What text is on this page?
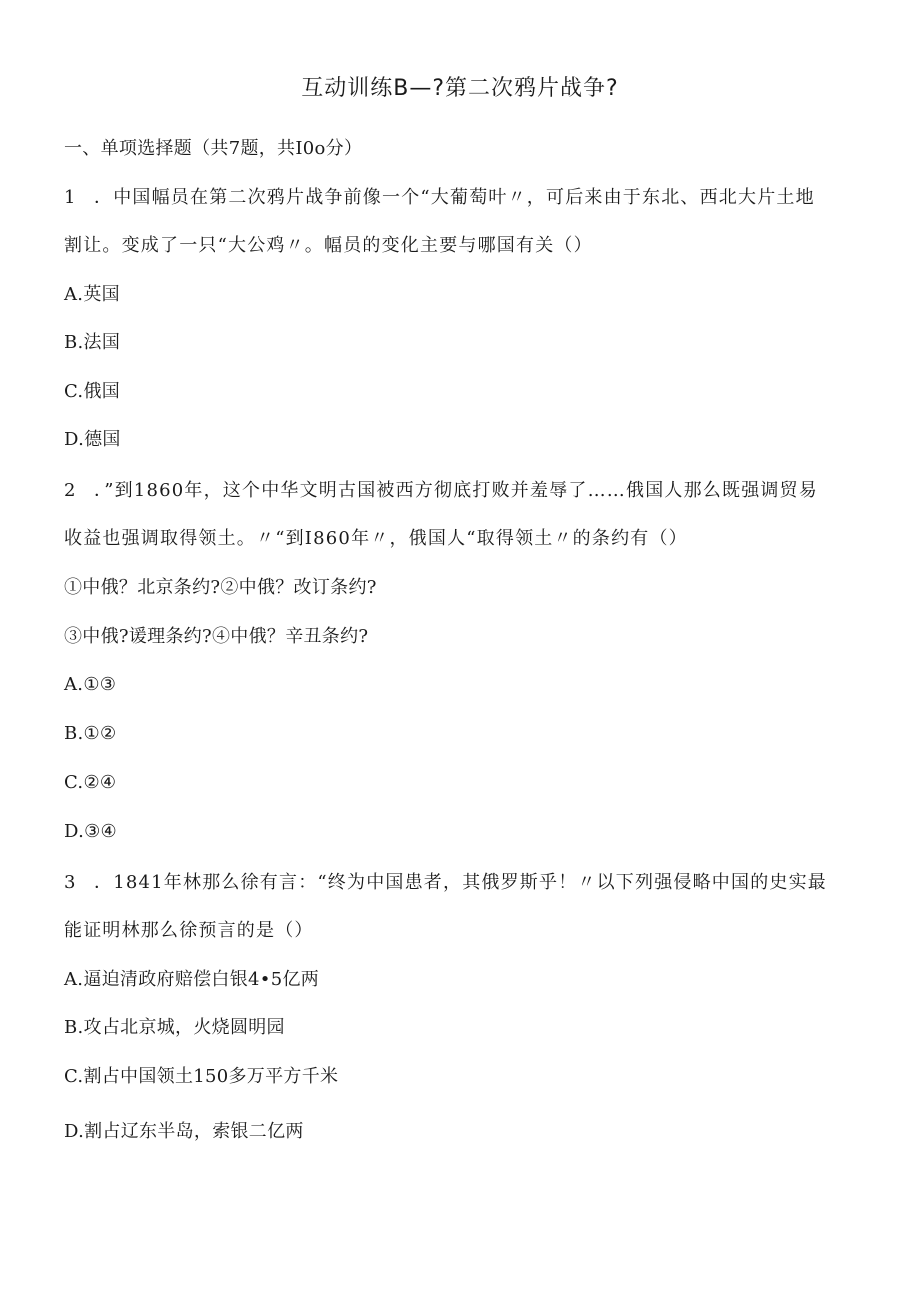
互动训练B—?第二次鸦片战争?
一、单项选择题（共7题，共I0o分）
1 ．中国幅员在第二次鸦片战争前像一个“大葡萄叶〃，可后来由于东北、西北大片土地
割让。变成了一只“大公鸡〃。幅员的变化主要与哪国有关（）
A.英国
B.法国
C.俄国
D.德国
2 ．”到1860年，这个中华文明古国被西方彻底打败并羞辱了……俄国人那么既强调贸易
收益也强调取得领土。〃“到I860年〃，俄国人“取得领土〃的条约有（）
①中俄？北京条约?②中俄？改订条约?
③中俄?谖理条约?④中俄？辛丑条约?
A.①③
B.①②
C.②④
D.③④
3 ．1841年林那么徐有言：“终为中国患者，其俄罗斯乎！〃以下列强侵略中国的史实最
能证明林那么徐预言的是（）
A.逼迫清政府赔偿白银4•5亿两
B.攻占北京城，火烧圆明园
C.割占中国领土150多万平方千米
D.割占辽东半岛，索银二亿两
